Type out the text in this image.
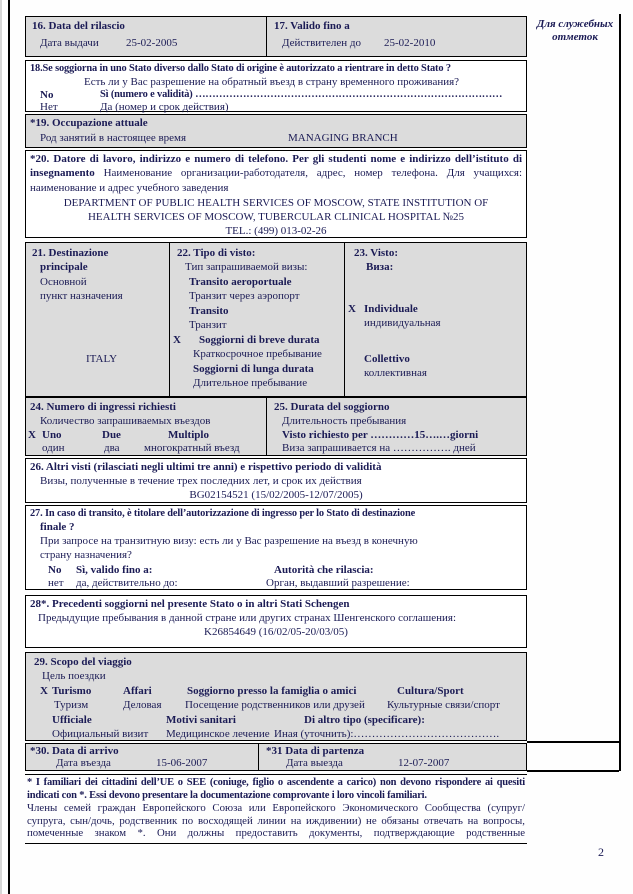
Для служебных отметок
16. Data del rilascio
Дата выдачи 25-02-2005
17. Valido fino a
Действителен до 25-02-2010
18.Se soggiorna in uno Stato diverso dallo Stato di origine è autorizzato a rientrare in detto Stato ?
Есть ли у Вас разрешение на обратный въезд в страну временного проживания?
No	Sì (numero e validità) ………………………………………………………………………………
Нет	Да (номер и срок действия)
*19. Occupazione attuale
Род занятий в настоящее время	MANAGING BRANCH
*20. Datore di lavoro, indirizzo e numero di telefono. Per gli studenti nome e indirizzo dell’istituto di insegnamento Наименование организации-работодателя, адрес, номер телефона. Для учащихся: наименование и адрес учебного заведения
DEPARTMENT OF PUBLIC HEALTH SERVICES OF MOSCOW, STATE INSTITUTION OF
HEALTH SERVICES OF MOSCOW, TUBERCULAR CLINICAL HOSPITAL №25
TEL.: (499) 013-02-26
21. Destinazione
principale
Основной
пункт назначения
ITALY
22. Tipo di visto:
Тип запрашиваемой визы:
Transito aeroportuale
Транзит через аэропорт
Transito
Транзит
X Soggiorni di breve durata
Краткосрочное пребывание
Soggiorni di lunga durata
Длительное пребывание
23. Visto:
Виза:
X Individuale
индивидуальная
Collettivo
коллективная
24. Numero di ingressi richiesti
Количество запрашиваемых въездов
X Uno	Due	Multiplo
один	два многократный въезд
25. Durata del soggiorno
Длительность пребывания
Visto richiesto per …………15….…giorni
Виза запрашивается на ……………. дней
26. Altri visti (rilasciati negli ultimi tre anni) e rispettivo periodo di validità
Визы, полученные в течение трех последних лет, и срок их действия
BG02154521 (15/02/2005-12/07/2005)
27. In caso di transito, è titolare dell’autorizzazione di ingresso per lo Stato di destinazione
finale ?
При запросе на транзитную визу: есть ли у Вас разрешение на въезд в конечную
страну назначения?
No Sì, valido fino a:	Autorità che rilascia:
нет да, действительно до:	Орган, выдавший разрешение:
28*. Precedenti soggiorni nel presente Stato o in altri Stati Schengen
Предыдущие пребывания в данной стране или других странах Шенгенского соглашения:
K26854649 (16/02/05-20/03/05)
29. Scopo del viaggio
Цель поездки
X Turismo	Affari	Soggiorno presso la famiglia o amici	Cultura/Sport
Туризм	Деловая Посещение родственников или друзей Культурные связи/спорт
Ufficiale	Motivi sanitari	Di altro tipo (specificare):
Официальный визит Медицинское лечение Иная (уточнить):………………………………….
*30. Data di arrivo
Дата въезда	15-06-2007
*31 Data di partenza
Дата выезда	12-07-2007
* I familiari dei cittadini dell’UE o SEE (coniuge, figlio o ascendente a carico) non devono rispondere ai quesiti indicati con *. Essi devono presentare la documentazione comprovante i loro vincoli familiari.
Члены семей граждан Европейского Союза или Европейского Экономического Сообщества (супруг/супруга, сын/дочь, родственник по восходящей линии на иждивении) не обязаны отвечать на вопросы, помеченные знаком *. Они должны предоставить документы, подтверждающие родственные
2
